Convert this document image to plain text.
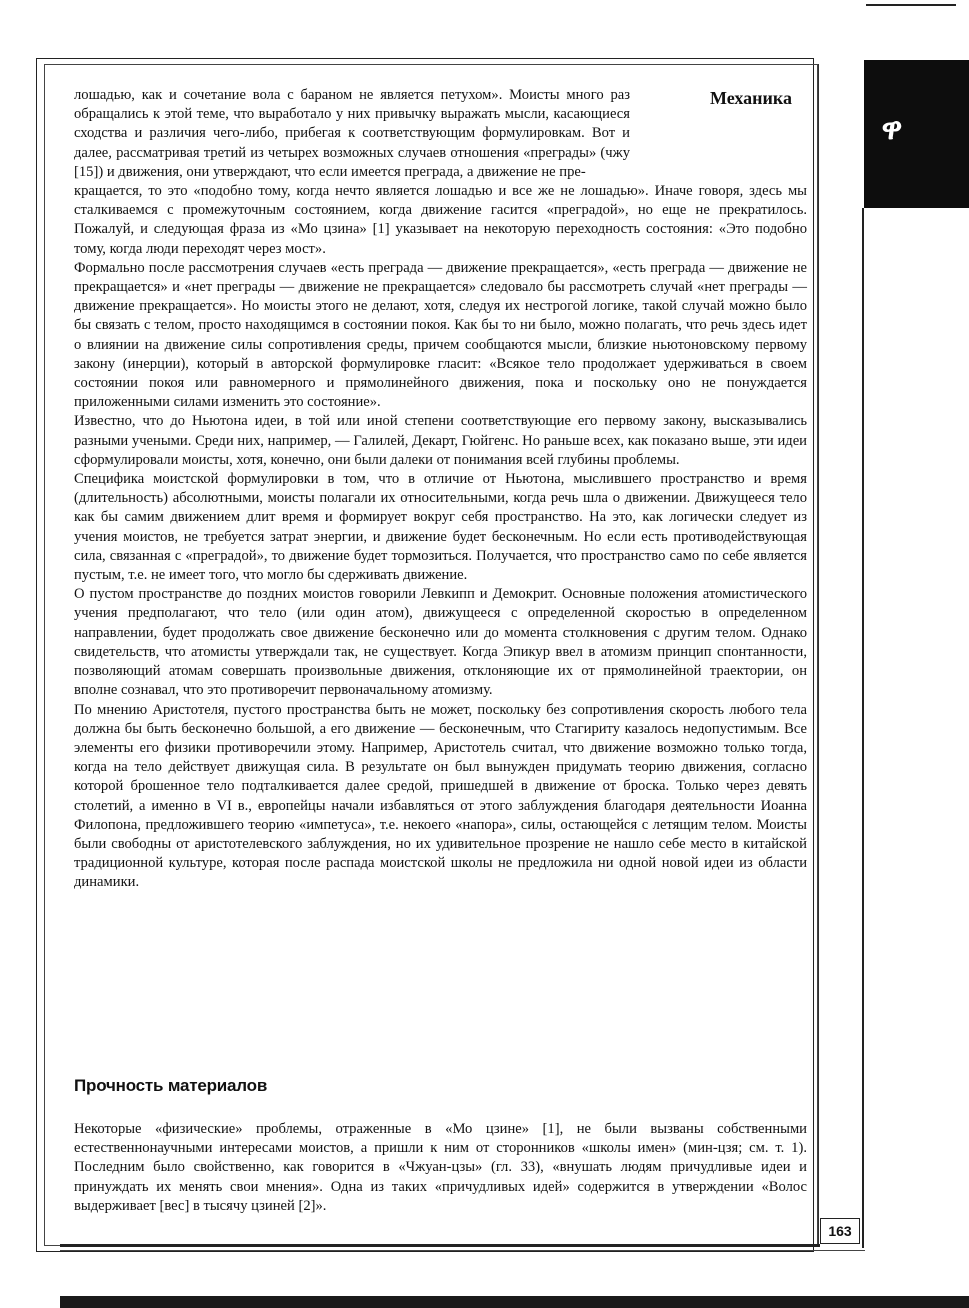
ዋ
Механика

лошадью, как и сочетание вола с бараном не является петухом». Моисты много раз обращались к этой теме, что выработало у них привычку выражать мысли, касающиеся сходства и различия чего-либо, прибегая к соответствующим формулировкам. Вот и далее, рассматривая третий из четырех возможных случаев отношения «преграды» (чжу [15]) и движения, они утверждают, что если имеется преграда, а движение не пре-

кращается, то это «подобно тому, когда нечто является лошадью и все же не лошадью». Иначе говоря, здесь мы сталкиваемся с промежуточным состоянием, когда движение гасится «преградой», но еще не прекратилось. Пожалуй, и следующая фраза из «Мо цзина» [1] указывает на некоторую переходность состояния: «Это подобно тому, когда люди переходят через мост».

Формально после рассмотрения случаев «есть преграда — движение прекращается», «есть преграда — движение не прекращается» и «нет преграды — движение не прекращается» следовало бы рассмотреть случай «нет преграды — движение прекращается». Но моисты этого не делают, хотя, следуя их нестрогой логике, такой случай можно было бы связать с телом, просто находящимся в состоянии покоя. Как бы то ни было, можно полагать, что речь здесь идет о влиянии на движение силы сопротивления среды, причем сообщаются мысли, близкие ньютоновскому первому закону (инерции), который в авторской формулировке гласит: «Всякое тело продолжает удерживаться в своем состоянии покоя или равномерного и прямолинейного движения, пока и поскольку оно не понуждается приложенными силами изменить это состояние».

Известно, что до Ньютона идеи, в той или иной степени соответствующие его первому закону, высказывались разными учеными. Среди них, например, — Галилей, Декарт, Гюйгенс. Но раньше всех, как показано выше, эти идеи сформулировали моисты, хотя, конечно, они были далеки от понимания всей глубины проблемы.

Специфика моистской формулировки в том, что в отличие от Ньютона, мыслившего пространство и время (длительность) абсолютными, моисты полагали их относительными, когда речь шла о движении. Движущееся тело как бы самим движением длит время и формирует вокруг себя пространство. На это, как логически следует из учения моистов, не требуется затрат энергии, и движение будет бесконечным. Но если есть противодействующая сила, связанная с «преградой», то движение будет тормозиться. Получается, что пространство само по себе является пустым, т.е. не имеет того, что могло бы сдерживать движение.

О пустом пространстве до поздних моистов говорили Левкипп и Демокрит. Основные положения атомистического учения предполагают, что тело (или один атом), движущееся с определенной скоростью в определенном направлении, будет продолжать свое движение бесконечно или до момента столкновения с другим телом. Однако свидетельств, что атомисты утверждали так, не существует. Когда Эпикур ввел в атомизм принцип спонтанности, позволяющий атомам совершать произвольные движения, отклоняющие их от прямолинейной траектории, он вполне сознавал, что это противоречит первоначальному атомизму.

По мнению Аристотеля, пустого пространства быть не может, поскольку без сопротивления скорость любого тела должна бы быть бесконечно большой, а его движение — бесконечным, что Стагириту казалось недопустимым. Все элементы его физики противоречили этому. Например, Аристотель считал, что движение возможно только тогда, когда на тело действует движущая сила. В результате он был вынужден придумать теорию движения, согласно которой брошенное тело подталкивается далее средой, пришедшей в движение от броска. Только через девять столетий, а именно в VI в., европейцы начали избавляться от этого заблуждения благодаря деятельности Иоанна Филопона, предложившего теорию «импетуса», т.е. некоего «напора», силы, остающейся с летящим телом. Моисты были свободны от аристотелевского заблуждения, но их удивительное прозрение не нашло себе место в китайской традиционной культуре, которая после распада моистской школы не предложила ни одной новой идеи из области динамики.

Прочность материалов

Некоторые «физические» проблемы, отраженные в «Мо цзине» [1], не были вызваны собственными естественнонаучными интересами моистов, а пришли к ним от сторонников «школы имен» (мин-цзя; см. т. 1). Последним было свойственно, как говорится в «Чжуан-цзы» (гл. 33), «внушать людям причудливые идеи и принуждать их менять свои мнения». Одна из таких «причудливых идей» содержится в утверждении «Волос выдерживает [вес] в тысячу цзиней [2]».

163
